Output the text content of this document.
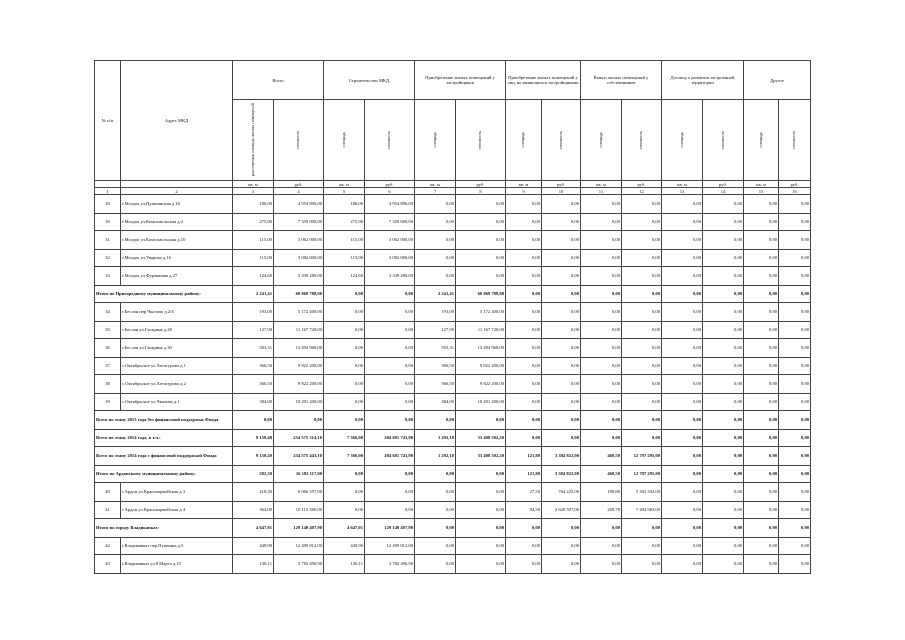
№ п/п	Адрес МКД	Всего		Строительство МКД		Приобретение жилых помещений у застройщиков		Приобретение жилых помещений у лиц, не являющихся застройщиками		Выкуп жилых помещений у собственников		Договор о развитии застроенной территории		Другое	

		расселяемая площадь жилых помещений	стоимость	площадь	стоимость	площадь	стоимость	площадь	стоимость	площадь	стоимость	площадь	стоимость	площадь	стоимость

		кв. м	руб.	кв. м	руб.	кв. м	руб.	кв. м	руб.	кв. м	руб.	кв. м	руб.	кв. м	руб.
1	2	3	4	5	6	7	8	9	10	11	12	13	14	15	16
29	г.Моздок ул.Пушкинская д.16	186,00	4 954 896,00	186,00	4 954 896,00	0,00	0,00	0,00	0,00	0,00	0,00	0,00	0,00	0,00	0,00
30	г.Моздок ул.Комсомольская д.2	275,90	7 359 000,00	275,90	7 359 000,00	0,00	0,00	0,00	0,00	0,00	0,00	0,00	0,00	0,00	0,00
31	г.Моздок ул.Комсомольская д.10	115,00	3 062 000,00	115,00	3 062 000,00	0,00	0,00	0,00	0,00	0,00	0,00	0,00	0,00	0,00	0,00
32	г.Моздок ул.Уварова д.16	115,00	3 082 000,00	115,00	3 082 000,00	0,00	0,00	0,00	0,00	0,00	0,00	0,00	0,00	0,00	0,00
33	г.Моздок ул.Фурманова д.27	124,60	3 339 280,00	124,60	3 339 280,00	0,00	0,00	0,00	0,00	0,00	0,00	0,00	0,00	0,00	0,00
Итого по Пригородному муниципальному району:		2 241,41	60 069 788,00	0,00	0,00	2 241,41	60 069 788,00	0,00	0,00	0,00	0,00	0,00	0,00	0,00	0,00
34	г.Беслан пер.Чкалова д.2/4	193,00	5 172 400,00	0,00	0,00	193,00	5 172 400,00	0,00	0,00	0,00	0,00	0,00	0,00	0,00	0,00
35	г.Беслан ул.Гагарина д.28	127,90	11 167 720,00	0,00	0,00	127,90	11 167 720,00	0,00	0,00	0,00	0,00	0,00	0,00	0,00	0,00
36	г.Беслан ул.Гагарина д.30	503,31	13 494 968,00	0,00	0,00	503,31	13 494 968,00	0,00	0,00	0,00	0,00	0,00	0,00	0,00	0,00
37	с.Октябрьское ул.Хетагурова д.1	366,50	9 822 200,00	0,00	0,00	366,50	9 822 200,00	0,00	0,00	0,00	0,00	0,00	0,00	0,00	0,00
38	с.Октябрьское ул.Хетагурова д.2	366,50	9 822 200,00	0,00	0,00	366,50	9 822 200,00	0,00	0,00	0,00	0,00	0,00	0,00	0,00	0,00
39	с.Октябрьское ул.Чкалова д.1	384,00	10 291 200,00	0,00	0,00	384,00	10 291 200,00	0,00	0,00	0,00	0,00	0,00	0,00	0,00	0,00
Всего по этапу 2013 года без финансовой поддержки Фонда		0,00	0,00	0,00	0,00	0,00	0,00	0,00	0,00	0,00	0,00	0,00	0,00	0,00	0,00
Всего по этапу 2014 года, в т.ч.:		9 150,49	254 575 314,10	7 366,00	204 681 743,90	1 292,18	33 408 502,20	0,00	0,00	0,00	0,00	0,00	0,00	0,00	0,00
Всего по этапу 2014 года с финансовой поддержкой Фонда		9 150,49	254 575 443,10	7 366,00	204 681 743,90	1 292,18	33 408 502,20	121,80	3 384 822,00	460,50	12 797 295,00	0,00	0,00	0,00	0,00
Итого по Ардонскому муниципальному району:		582,30	16 182 117,00	0,00	0,00	0,00	0,00	121,80	3 384 822,00	460,50	12 797 295,00	0,00	0,00	0,00	0,00
40	г.Ардон ул.Красноармейская д.3	218,30	6 066 557,00	0,00	0,00	0,00	0,00	27,50	764 225,00	190,80	5 302 332,00	0,00	0,00	0,00	0,00
41	г.Ардон ул.Красноармейская д.4	364,00	10 115 560,00	0,00	0,00	0,00	0,00	94,30	2 620 597,00	269,70	7 494 963,00	0,00	0,00	0,00	0,00
Итого по городу Владикавказ:		4 647,01	129 140 407,90	4 647,01	129 140 407,90	0,00	0,00	0,00	0,00	0,00	0,00	0,00	0,00	0,00	0,00
42	г.Владикавказ пер.Пушкина д.5	449,90	12 499 912,00	449,90	12 499 912,00	0,00	0,00	0,00	0,00	0,00	0,00	0,00	0,00	0,00	0,00
43	г.Владикавказ ул.8 Марта д.15	136,11	3 782 496,90	136,11	3 782 496,90	0,00	0,00	0,00	0,00	0,00	0,00	0,00	0,00	0,00	0,00
